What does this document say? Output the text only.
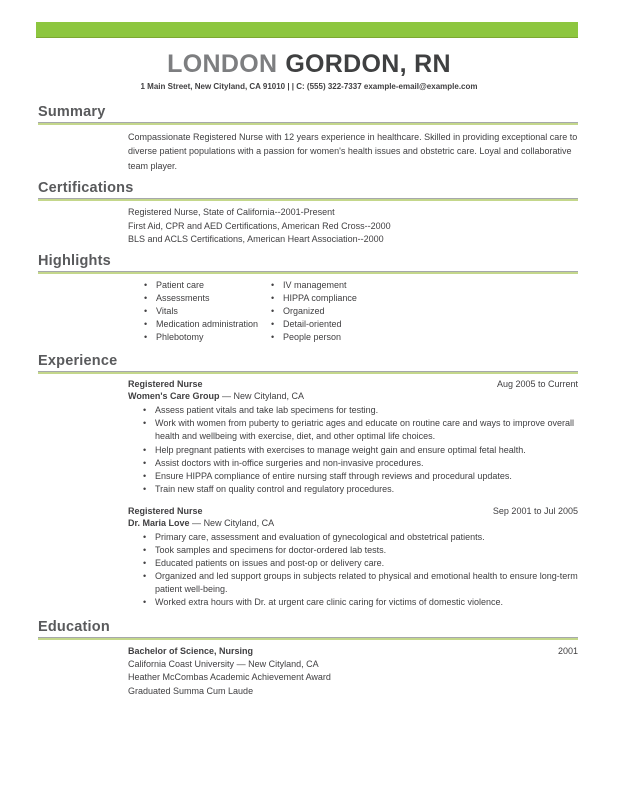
LONDON GORDON, RN
1 Main Street, New Cityland, CA 91010 | | C: (555) 322-7337 example-email@example.com
Summary

Compassionate Registered Nurse with 12 years experience in healthcare. Skilled in providing exceptional care to diverse patient populations with a passion for women's health issues and obstetric care. Loyal and collaborative team player.

Certifications
Registered Nurse, State of California--2001-Present
First Aid, CPR and AED Certifications, American Red Cross--2000
BLS and ACLS Certifications, American Heart Association--2000
Highlights
• Patient care
• Assessments
• Vitals
• Medication administration
• Phlebotomy
• IV management
• HIPPA compliance
• Organized
• Detail-oriented
• People person
Experience
Registered Nurse	Aug 2005 to Current
Women's Care Group — New Cityland, CA
• Assess patient vitals and take lab specimens for testing.
• Work with women from puberty to geriatric ages and educate on routine care and ways to improve overall health and wellbeing with exercise, diet, and other optimal life choices.
• Help pregnant patients with exercises to manage weight gain and ensure optimal fetal health.
• Assist doctors with in-office surgeries and non-invasive procedures.
• Ensure HIPPA compliance of entire nursing staff through reviews and procedural updates.
• Train new staff on quality control and regulatory procedures.
Registered Nurse	Sep 2001 to Jul 2005
Dr. Maria Love — New Cityland, CA
• Primary care, assessment and evaluation of gynecological and obstetrical patients.
• Took samples and specimens for doctor-ordered lab tests.
• Educated patients on issues and post-op or delivery care.
• Organized and led support groups in subjects related to physical and emotional health to ensure long-term patient well-being.
• Worked extra hours with Dr. at urgent care clinic caring for victims of domestic violence.
Education
Bachelor of Science, Nursing	2001
California Coast University — New Cityland, CA
Heather McCombas Academic Achievement Award
Graduated Summa Cum Laude
